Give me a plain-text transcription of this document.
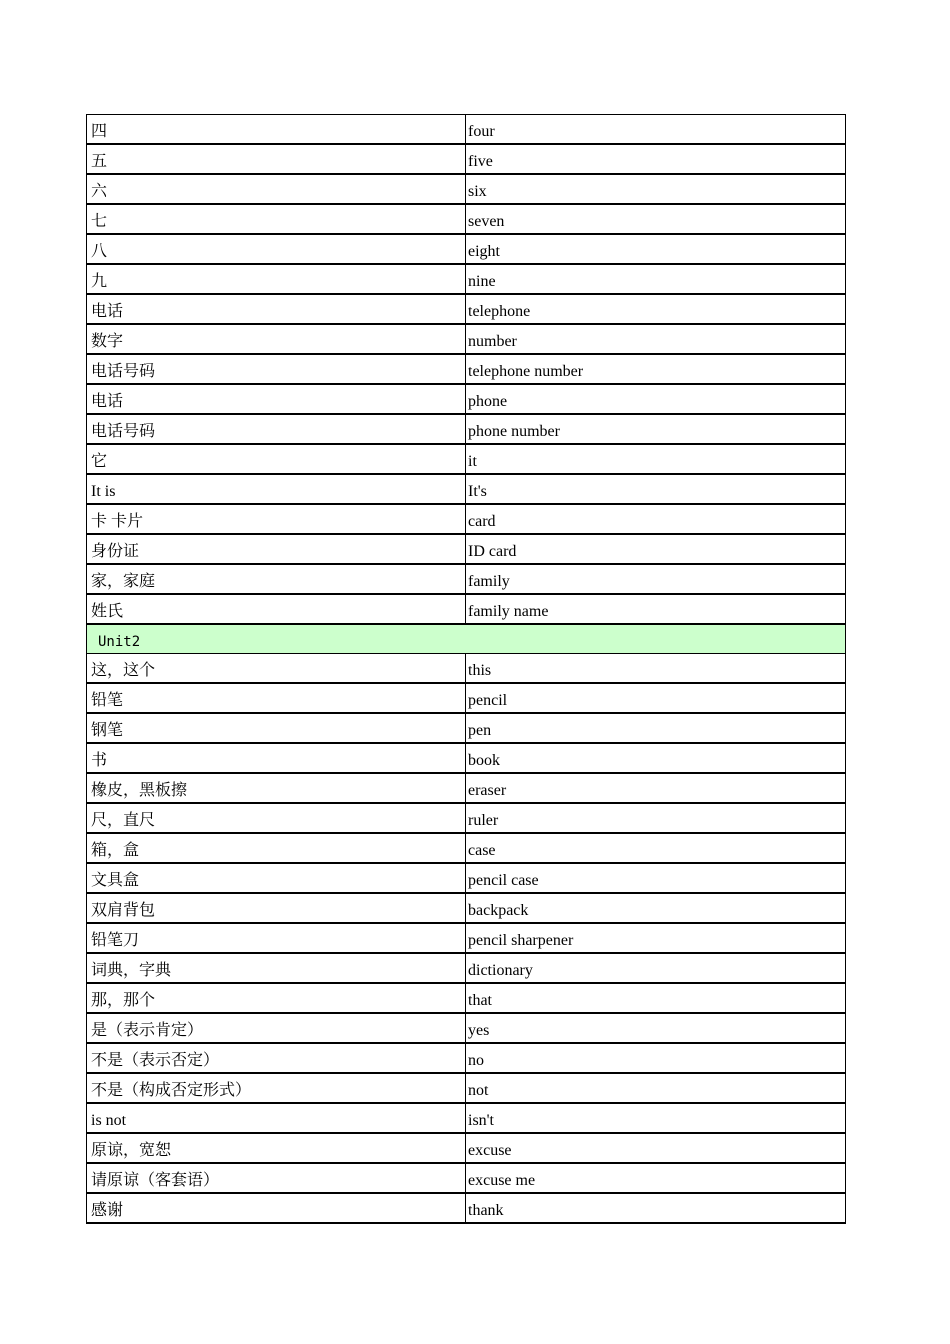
四	four
五	five
六	six
七	seven
八	eight
九	nine
电话	telephone
数字	number
电话号码	telephone number
电话	phone
电话号码	phone number
它	it
It is	It's
卡 卡片	card
身份证	ID card
家，家庭	family
姓氏	family name
Unit2	
这，这个	this
铅笔	pencil
钢笔	pen
书	book
橡皮，黑板擦	eraser
尺，直尺	ruler
箱，盒	case
文具盒	pencil case
双肩背包	backpack
铅笔刀	pencil sharpener
词典，字典	dictionary
那，那个	that
是（表示肯定）	yes
不是（表示否定）	no
不是（构成否定形式）	not
is not	isn't
原谅，宽恕	excuse
请原谅（客套语）	excuse me
感谢	thank
